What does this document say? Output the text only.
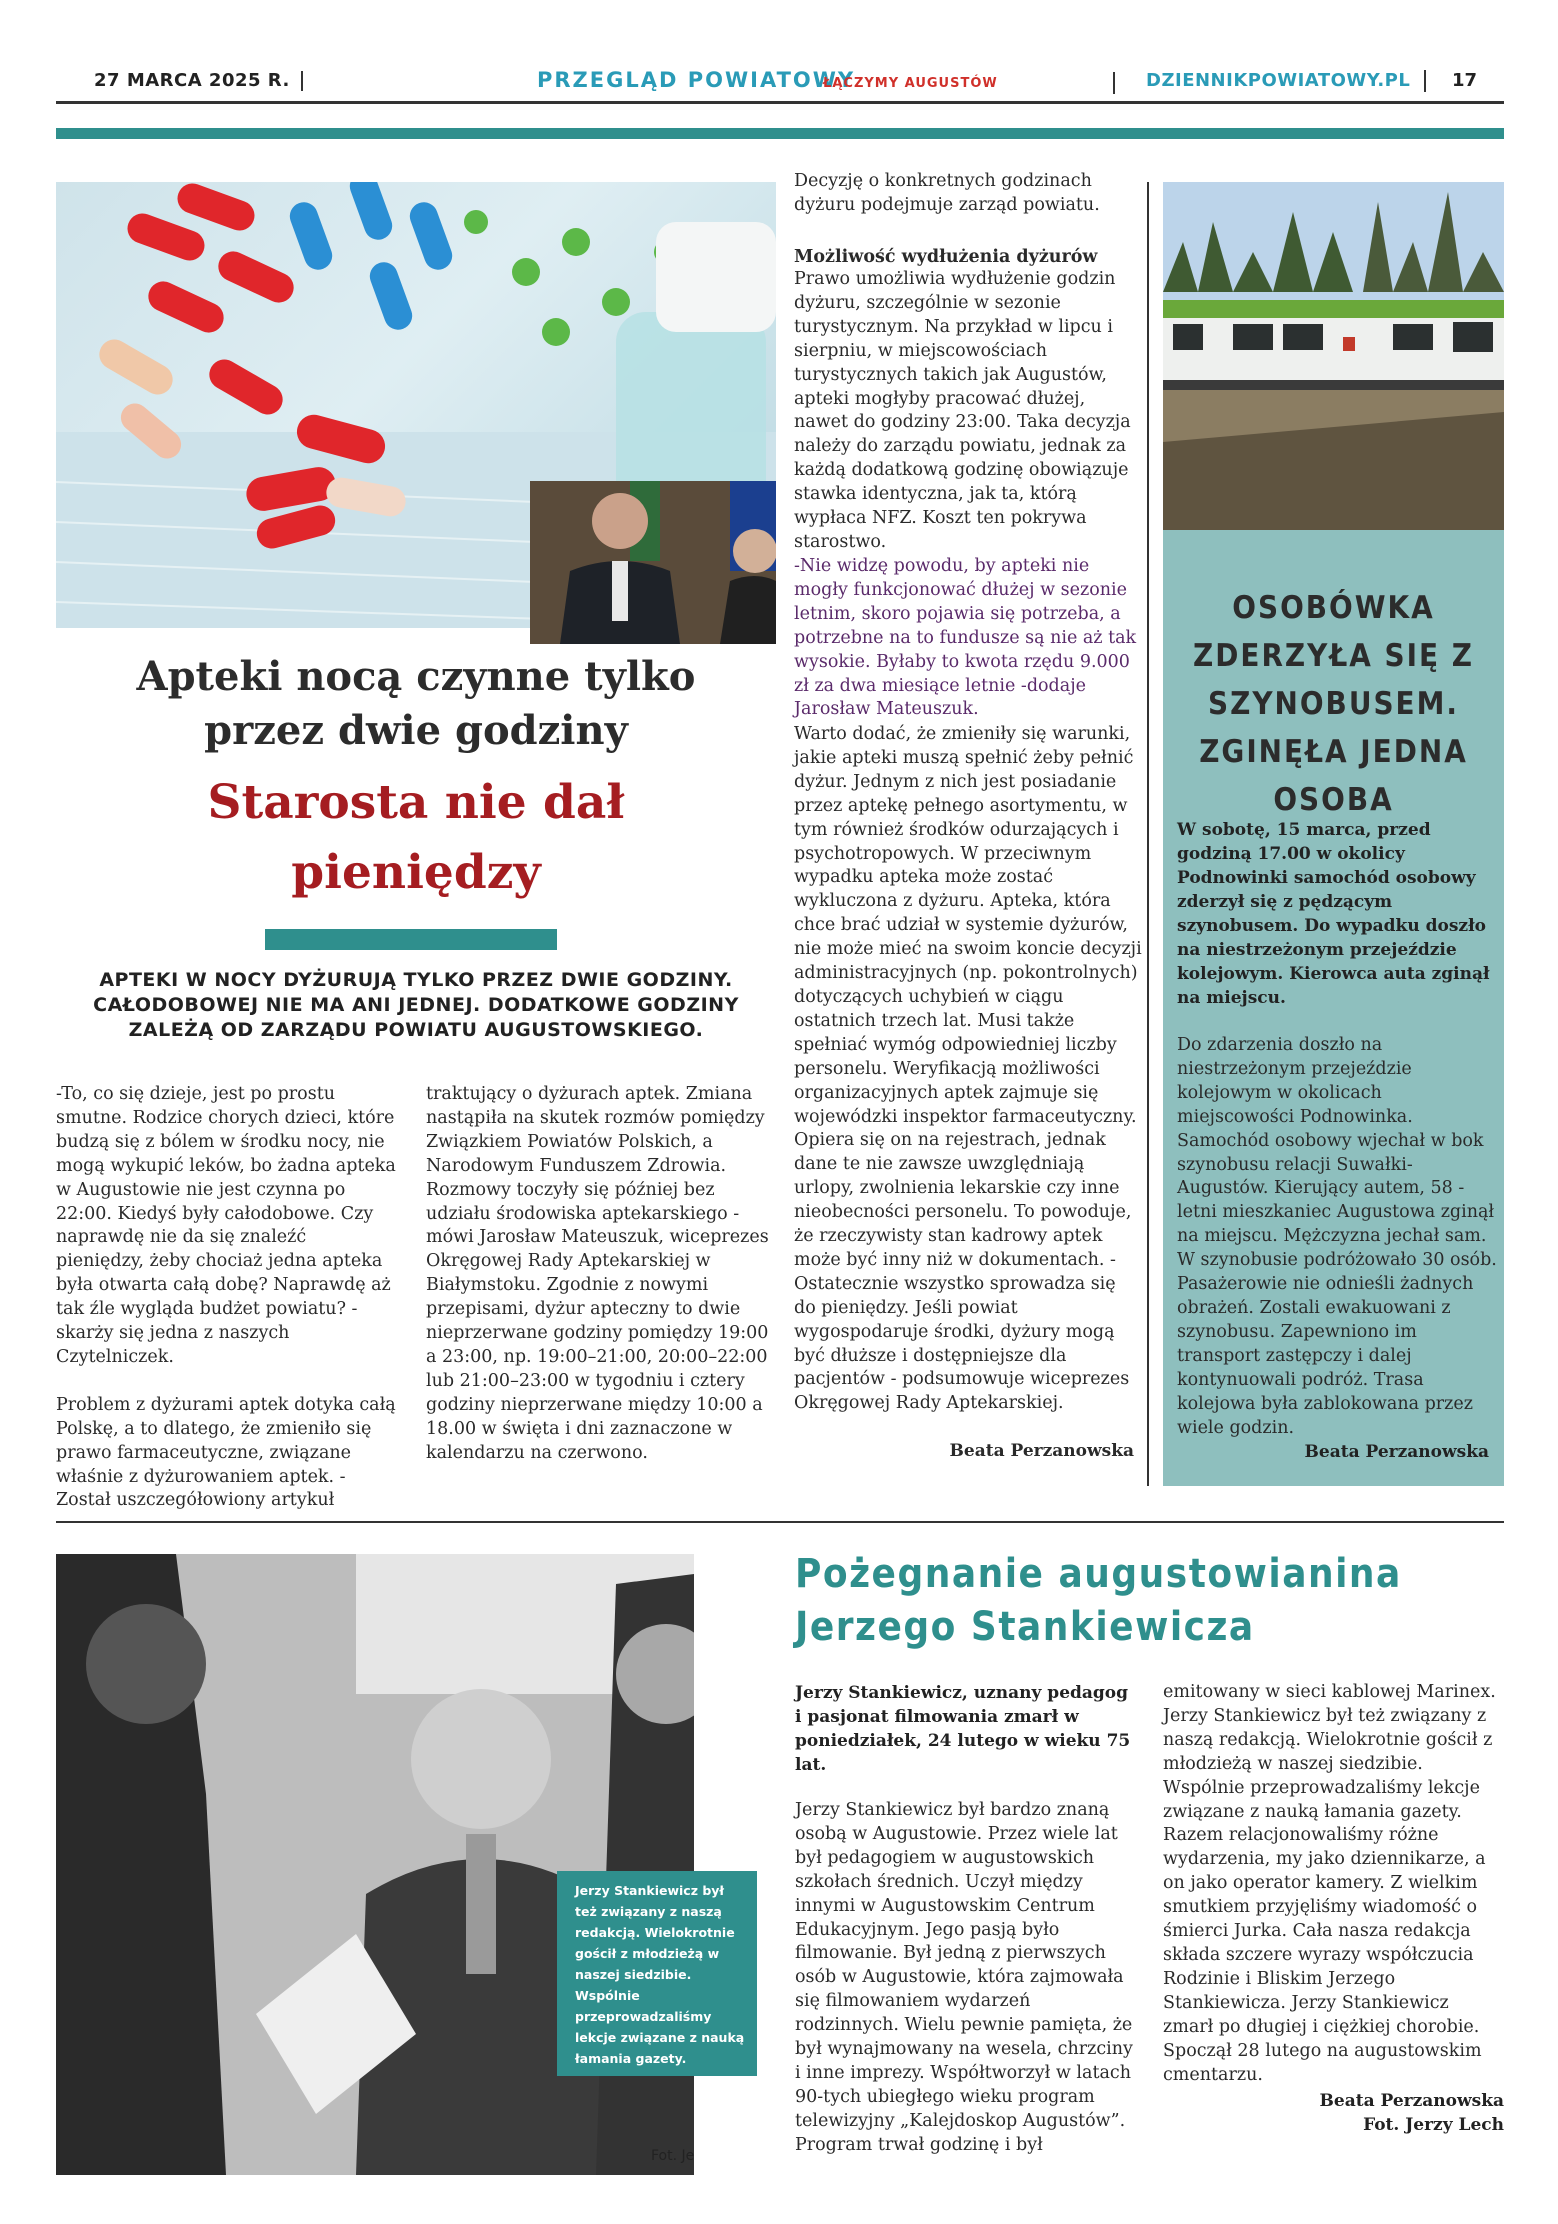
27 MARCA 2025 R.	PRZEGLĄD POWIATOWY
ŁĄCZYMY AUGUSTÓW	DZIENNIKPOWIATOWY.PL 17
Apteki nocą czynne tylko
przez dwie godziny
Starosta nie dał
pieniędzy
APTEKI W NOCY DYŻURUJĄ TYLKO PRZEZ DWIE GODZINY. CAŁODOBOWEJ NIE MA ANI JEDNEJ. DODATKOWE GODZINY ZALEŻĄ OD ZARZĄDU POWIATU AUGUSTOWSKIEGO.
-To, co się dzieje, jest po prostu smutne. Rodzice chorych dzieci, które budzą się z bólem w środku nocy, nie mogą wykupić leków, bo żadna apteka w Augustowie nie jest czynna po 22:00. Kiedyś były całodobowe. Czy naprawdę nie da się znaleźć pieniędzy, żeby chociaż jedna apteka była otwarta całą dobę? Naprawdę aż tak źle wygląda budżet powiatu? -skarży się jedna z naszych Czytelniczek.

Problem z dyżurami aptek dotyka całą Polskę, a to dlatego, że zmieniło się prawo farmaceutyczne, związane właśnie z dyżurowaniem aptek. -Został uszczegółowiony artykuł
traktujący o dyżurach aptek. Zmiana nastąpiła na skutek rozmów pomiędzy Związkiem Powiatów Polskich, a Narodowym Funduszem Zdrowia. Rozmowy toczyły się później bez udziału środowiska aptekarskiego -mówi Jarosław Mateuszuk, wiceprezes Okręgowej Rady Aptekarskiej w Białymstoku. Zgodnie z nowymi przepisami, dyżur apteczny to dwie nieprzerwane godziny pomiędzy 19:00 a 23:00, np. 19:00–21:00, 20:00–22:00 lub 21:00–23:00 w tygodniu i cztery godziny nieprzerwane między 10:00 a 18.00 w święta i dni zaznaczone w kalendarzu na czerwono.
Decyzję o konkretnych godzinach dyżuru podejmuje zarząd powiatu.
Możliwość wydłużenia dyżurów
Prawo umożliwia wydłużenie godzin dyżuru, szczególnie w sezonie turystycznym. Na przykład w lipcu i sierpniu, w miejscowościach turystycznych takich jak Augustów, apteki mogłyby pracować dłużej, nawet do godziny 23:00. Taka decyzja należy do zarządu powiatu, jednak za każdą dodatkową godzinę obowiązuje stawka identyczna, jak ta, którą wypłaca NFZ. Koszt ten pokrywa starostwo.
-Nie widzę powodu, by apteki nie mogły funkcjonować dłużej w sezonie letnim, skoro pojawia się potrzeba, a potrzebne na to fundusze są nie aż tak wysokie. Byłaby to kwota rzędu 9.000 zł za dwa miesiące letnie -dodaje Jarosław Mateuszuk.
Warto dodać, że zmieniły się warunki, jakie apteki muszą spełnić żeby pełnić dyżur. Jednym z nich jest posiadanie przez aptekę pełnego asortymentu, w tym również środków odurzających i psychotropowych. W przeciwnym wypadku apteka może zostać wykluczona z dyżuru. Apteka, która chce brać udział w systemie dyżurów, nie może mieć na swoim koncie decyzji administracyjnych (np. pokontrolnych) dotyczących uchybień w ciągu ostatnich trzech lat. Musi także spełniać wymóg odpowiedniej liczby personelu. Weryfikacją możliwości organizacyjnych aptek zajmuje się wojewódzki inspektor farmaceutyczny. Opiera się on na rejestrach, jednak dane te nie zawsze uwzględniają urlopy, zwolnienia lekarskie czy inne nieobecności personelu. To powoduje, że rzeczywisty stan kadrowy aptek może być inny niż w dokumentach. -Ostatecznie wszystko sprowadza się do pieniędzy. Jeśli powiat wygospodaruje środki, dyżury mogą być dłuższe i dostępniejsze dla pacjentów - podsumowuje wiceprezes Okręgowej Rady Aptekarskiej.
Beata Perzanowska
OSOBÓWKA ZDERZYŁA SIĘ Z SZYNOBUSEM. ZGINĘŁA JEDNA OSOBA
W sobotę, 15 marca, przed godziną 17.00 w okolicy Podnowinki samochód osobowy zderzył się z pędzącym szynobusem. Do wypadku doszło na niestrzeżonym przejeździe kolejowym. Kierowca auta zginął na miejscu.
Do zdarzenia doszło na niestrzeżonym przejeździe kolejowym w okolicach miejscowości Podnowinka. Samochód osobowy wjechał w bok szynobusu relacji Suwałki-Augustów. Kierujący autem, 58 -letni mieszkaniec Augustowa zginął na miejscu. Mężczyzna jechał sam. W szynobusie podróżowało 30 osób. Pasażerowie nie odnieśli żadnych obrażeń. Zostali ewakuowani z szynobusu. Zapewniono im transport zastępczy i dalej kontynuowali podróż. Trasa kolejowa była zablokowana przez wiele godzin.
Beata Perzanowska
Jerzy Stankiewicz był też związany z naszą redakcją. Wielokrotnie gościł z młodzieżą w naszej siedzibie. Wspólnie przeprowadzaliśmy lekcje związane z nauką łamania gazety.
Fot. Je
Pożegnanie augustowianina Jerzego Stankiewicza
Jerzy Stankiewicz, uznany pedagog i pasjonat filmowania zmarł w poniedziałek, 24 lutego w wieku 75 lat.
Jerzy Stankiewicz był bardzo znaną osobą w Augustowie. Przez wiele lat był pedagogiem w augustowskich szkołach średnich. Uczył między innymi w Augustowskim Centrum Edukacyjnym. Jego pasją było filmowanie. Był jedną z pierwszych osób w Augustowie, która zajmowała się filmowaniem wydarzeń rodzinnych. Wielu pewnie pamięta, że był wynajmowany na wesela, chrzciny i inne imprezy. Współtworzył w latach 90-tych ubiegłego wieku program telewizyjny „Kalejdoskop Augustów”. Program trwał godzinę i był
emitowany w sieci kablowej Marinex. Jerzy Stankiewicz był też związany z naszą redakcją. Wielokrotnie gościł z młodzieżą w naszej siedzibie. Wspólnie przeprowadzaliśmy lekcje związane z nauką łamania gazety. Razem relacjonowaliśmy różne wydarzenia, my jako dziennikarze, a on jako operator kamery. Z wielkim smutkiem przyjęliśmy wiadomość o śmierci Jurka. Cała nasza redakcja składa szczere wyrazy współczucia Rodzinie i Bliskim Jerzego Stankiewicza. Jerzy Stankiewicz zmarł po długiej i ciężkiej chorobie. Spoczął 28 lutego na augustowskim cmentarzu.
Beata Perzanowska
Fot. Jerzy Lech
